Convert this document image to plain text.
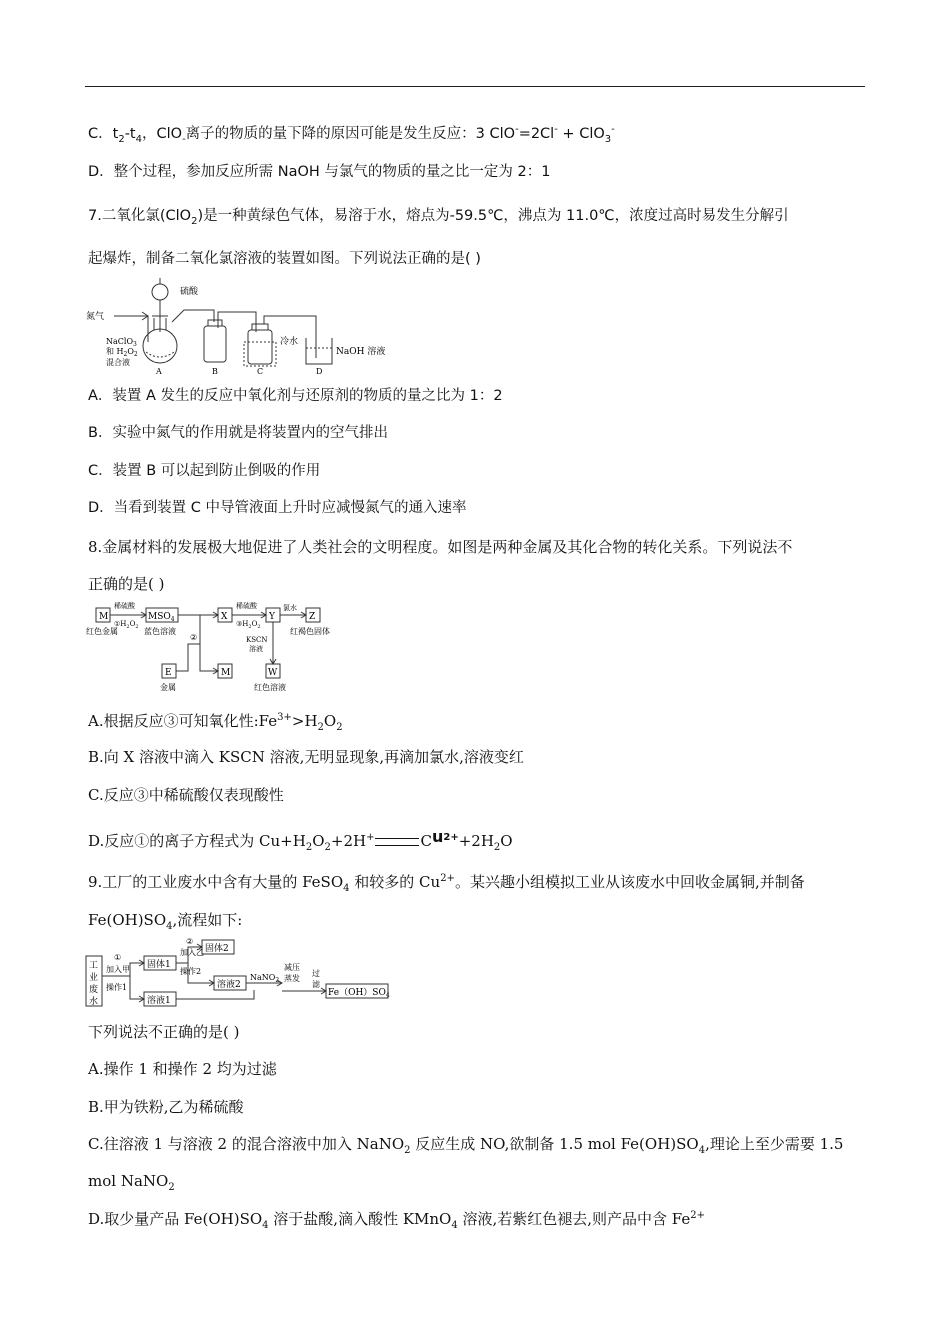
C．$t_2-t_4$，ClO$_-$离子的物质的量下降的原因可能是发生反应：3 ClO-=2Cl- + ClO$_3$-
D．整个过程，参加反应所需 NaOH 与氯气的物质的量之比一定为 2：1
7.二氧化氯(ClO$_2$)是一种黄绿色气体，易溶于水，熔点为-59.5℃，沸点为 11.0℃，浓度过高时易发生分解引
起爆炸，制备二氧化氯溶液的装置如图。下列说法正确的是( )
硫酸
氮气
NaClO$_3$
和 $H_2O_2$
混合液
冷水
NaOH 溶液
A	B	C	D
A．装置 A 发生的反应中氧化剂与还原剂的物质的量之比为 1：2
B．实验中氮气的作用就是将装置内的空气排出
C．装置 B 可以起到防止倒吸的作用
D．当看到装置 C 中导管液面上升时应减慢氮气的通入速率
8.金属材料的发展极大地促进了人类社会的文明程度。如图是两种金属及其化合物的转化关系。下列说法不
正确的是( )
M	$MSO_4$	X	Y	Z
E	M	W
稀硫酸
$①H_2O_2$
稀硫酸
$③H_2O_2$
氯水
KSCN
溶液
②
红色金属	蓝色溶液	红褐色固体
金属	红色溶液
A.根据反应③可知氧化性$:Fe^{3+}>H_2O_2$
B.向 X 溶液中滴入 KSCN 溶液,无明显现象,再滴加氯水,溶液变红
C.反应③中稀硫酸仅表现酸性
D.反应①的离子方程式为 $Cu+H_2O_2+2H^+$	$Cu^{2+}+2H_2O$
9.工厂的工业废水中含有大量的 FeSO$_4$ 和较多的 $Cu^{2+}$。某兴趣小组模拟工业从该废水中回收金属铜,并制备
$Fe(OH)SO_4$,流程如下:
工
业
废
水
①
加入甲
操作1
固体1
溶液1
②
加入乙
操作2
固体2
溶液2
NaNO$_2$
减压
蒸发
过
滤
$Fe(OH)SO_4$
下列说法不正确的是( )
A.操作 1 和操作 2 均为过滤
B.甲为铁粉,乙为稀硫酸
C.往溶液 1 与溶液 2 的混合溶液中加入 NaNO$_2$ 反应生成 NO,欲制备 1.5 mol $Fe(OH)SO_4$,理论上至少需要 1.5
mol NaNO$_2$
D.取少量产品 $Fe(OH)SO_4$ 溶于盐酸,滴入酸性 KMnO$_4$ 溶液,若紫红色褪去,则产品中含 $Fe^{2+}$
